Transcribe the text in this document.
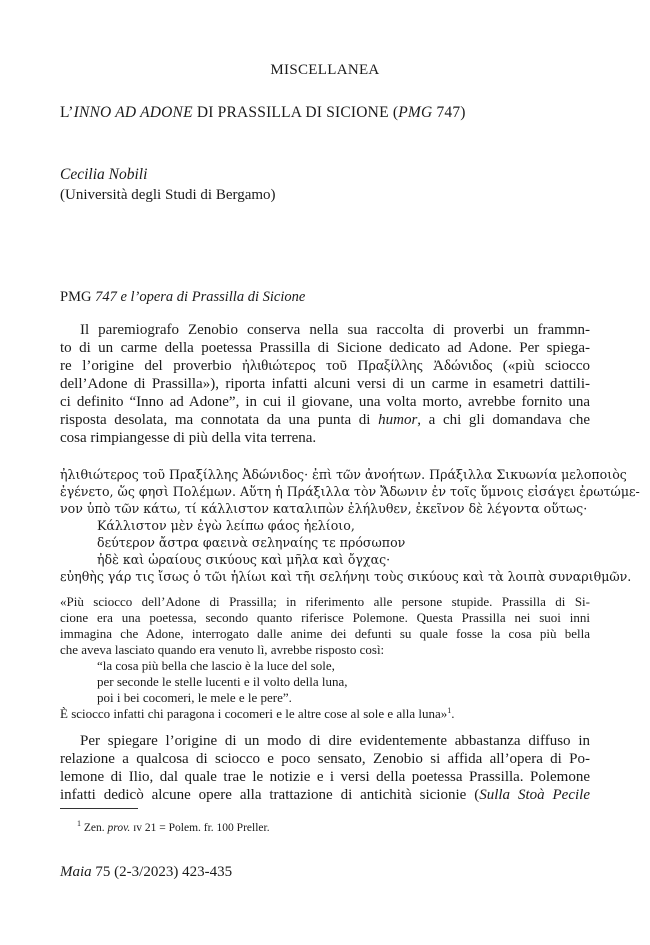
MISCELLANEA
L’INNO AD ADONE DI PRASSILLA DI SICIONE (PMG 747)
Cecilia Nobili
(Università degli Studi di Bergamo)
PMG 747 e l’opera di Prassilla di Sicione

Il paremiografo Zenobio conserva nella sua raccolta di proverbi un frammn-

to di un carme della poetessa Prassilla di Sicione dedicato ad Adone. Per spiega-

re l’origine del proverbio ἠλιθιώτερος τοῦ Πραξίλλης Ἀδώνιδος («più sciocco

dell’Adone di Prassilla»), riporta infatti alcuni versi di un carme in esametri dattili-

ci definito “Inno ad Adone”, in cui il giovane, una volta morto, avrebbe fornito una

risposta desolata, ma connotata da una punta di humor, a chi gli domandava che

cosa rimpiangesse di più della vita terrena.

ἠλιθιώτερος τοῦ Πραξίλλης Ἀδώνιδος· ἐπὶ τῶν ἀνοήτων. Πράξιλλα Σικυωνία μελοποιὸς

ἐγένετο, ὥς φησὶ Πολέμων. Αὕτη ἡ Πράξιλλα τὸν Ἄδωνιν ἐν τοῖς ὕμνοις εἰσάγει ἐρωτώμε-

νον ὑπὸ τῶν κάτω, τί κάλλιστον καταλιπὼν ἐλήλυθεν, ἐκεῖνον δὲ λέγοντα οὕτως·

Κάλλιστον μὲν ἐγὼ λείπω φάος ἠελίοιο,

δεύτερον ἄστρα φαεινὰ σεληναίης τε πρόσωπον

ἠδὲ καὶ ὡραίους σικύους καὶ μῆλα καὶ ὄγχας·

εὐηθὴς γάρ τις ἴσως ὁ τῶι ἡλίωι καὶ τῆι σελήνηι τοὺς σικύους καὶ τὰ λοιπὰ συναριθμῶν.

«Più sciocco dell’Adone di Prassilla; in riferimento alle persone stupide. Prassilla di Si-

cione era una poetessa, secondo quanto riferisce Polemone. Questa Prassilla nei suoi inni

immagina che Adone, interrogato dalle anime dei defunti su quale fosse la cosa più bella

che aveva lasciato quando era venuto lì, avrebbe risposto così:

“la cosa più bella che lascio è la luce del sole,

per seconde le stelle lucenti e il volto della luna,

poi i bei cocomeri, le mele e le pere”.

È sciocco infatti chi paragona i cocomeri e le altre cose al sole e alla luna»$^1$.

Per spiegare l’origine di un modo di dire evidentemente abbastanza diffuso in

relazione a qualcosa di sciocco e poco sensato, Zenobio si affida all’opera di Po-

lemone di Ilio, dal quale trae le notizie e i versi della poetessa Prassilla. Polemone

infatti dedicò alcune opere alla trattazione di antichità sicionie (Sulla Stoà Pecile

$^1$ Zen. prov. ɪv 21 = Polem. fr. 100 Preller.
Maia 75 (2-3/2023) 423-435
